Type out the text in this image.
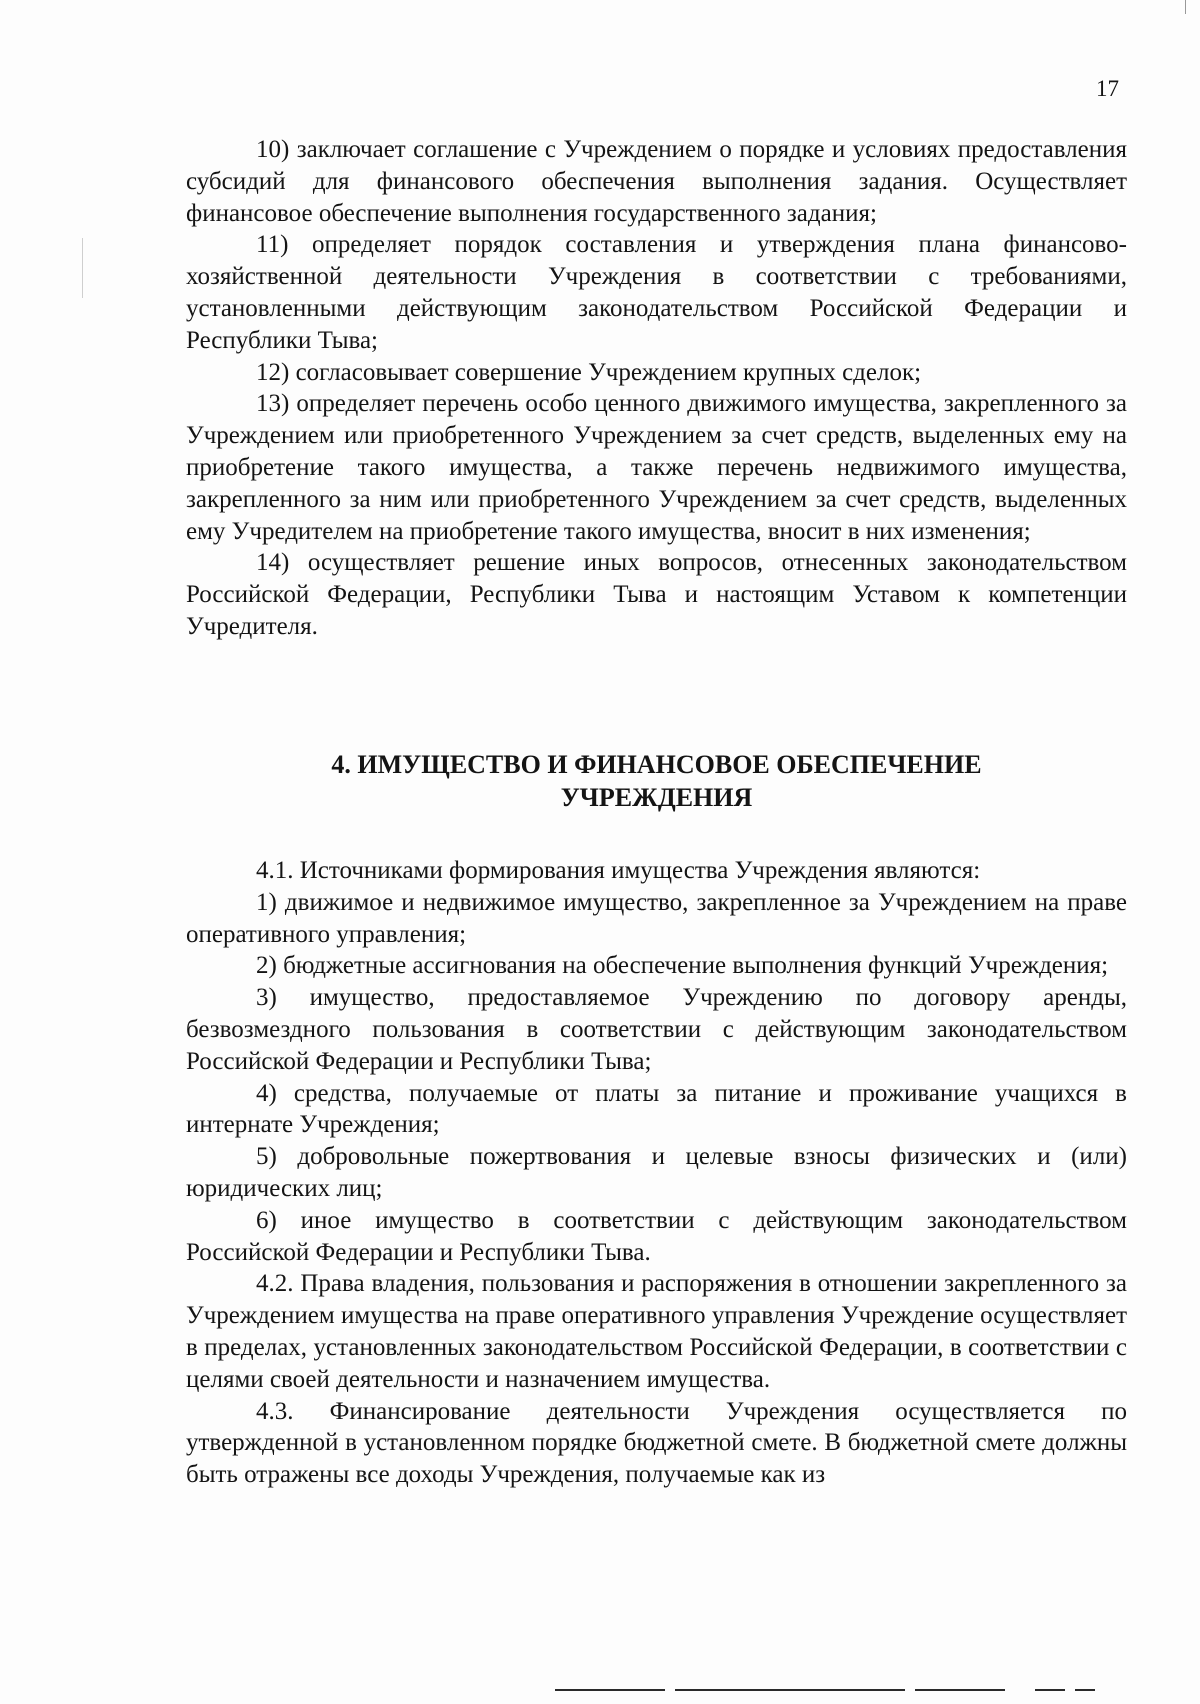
17

10) заключает соглашение с Учреждением о порядке и условиях предоставления субсидий для финансового обеспечения выполнения задания. Осуществляет финансовое обеспечение выполнения государственного задания;

11) определяет порядок составления и утверждения плана финансово-хозяйственной деятельности Учреждения в соответствии с требованиями, установленными действующим законодательством Российской Федерации и Республики Тыва;

12) согласовывает совершение Учреждением крупных сделок;

13) определяет перечень особо ценного движимого имущества, закрепленного за Учреждением или приобретенного Учреждением за счет средств, выделенных ему на приобретение такого имущества, а также перечень недвижимого имущества, закрепленного за ним или приобретенного Учреждением за счет средств, выделенных ему Учредителем на приобретение такого имущества, вносит в них изменения;

14) осуществляет решение иных вопросов, отнесенных законодательством Российской Федерации, Республики Тыва и настоящим Уставом к компетенции Учредителя.

4. ИМУЩЕСТВО И ФИНАНСОВОЕ ОБЕСПЕЧЕНИЕ
УЧРЕЖДЕНИЯ

4.1. Источниками формирования имущества Учреждения являются:

1) движимое и недвижимое имущество, закрепленное за Учреждением на праве оперативного управления;

2) бюджетные ассигнования на обеспечение выполнения функций Учреждения;

3) имущество, предоставляемое Учреждению по договору аренды, безвозмездного пользования в соответствии с действующим законодательством Российской Федерации и Республики Тыва;

4) средства, получаемые от платы за питание и проживание учащихся в интернате Учреждения;

5) добровольные пожертвования и целевые взносы физических и (или) юридических лиц;

6) иное имущество в соответствии с действующим законодательством Российской Федерации и Республики Тыва.

4.2. Права владения, пользования и распоряжения в отношении закрепленного за Учреждением имущества на праве оперативного управления Учреждение осуществляет в пределах, установленных законодательством Российской Федерации, в соответствии с целями своей деятельности и назначением имущества.

4.3. Финансирование деятельности Учреждения осуществляется по утвержденной в установленном порядке бюджетной смете. В бюджетной смете должны быть отражены все доходы Учреждения, получаемые как из
